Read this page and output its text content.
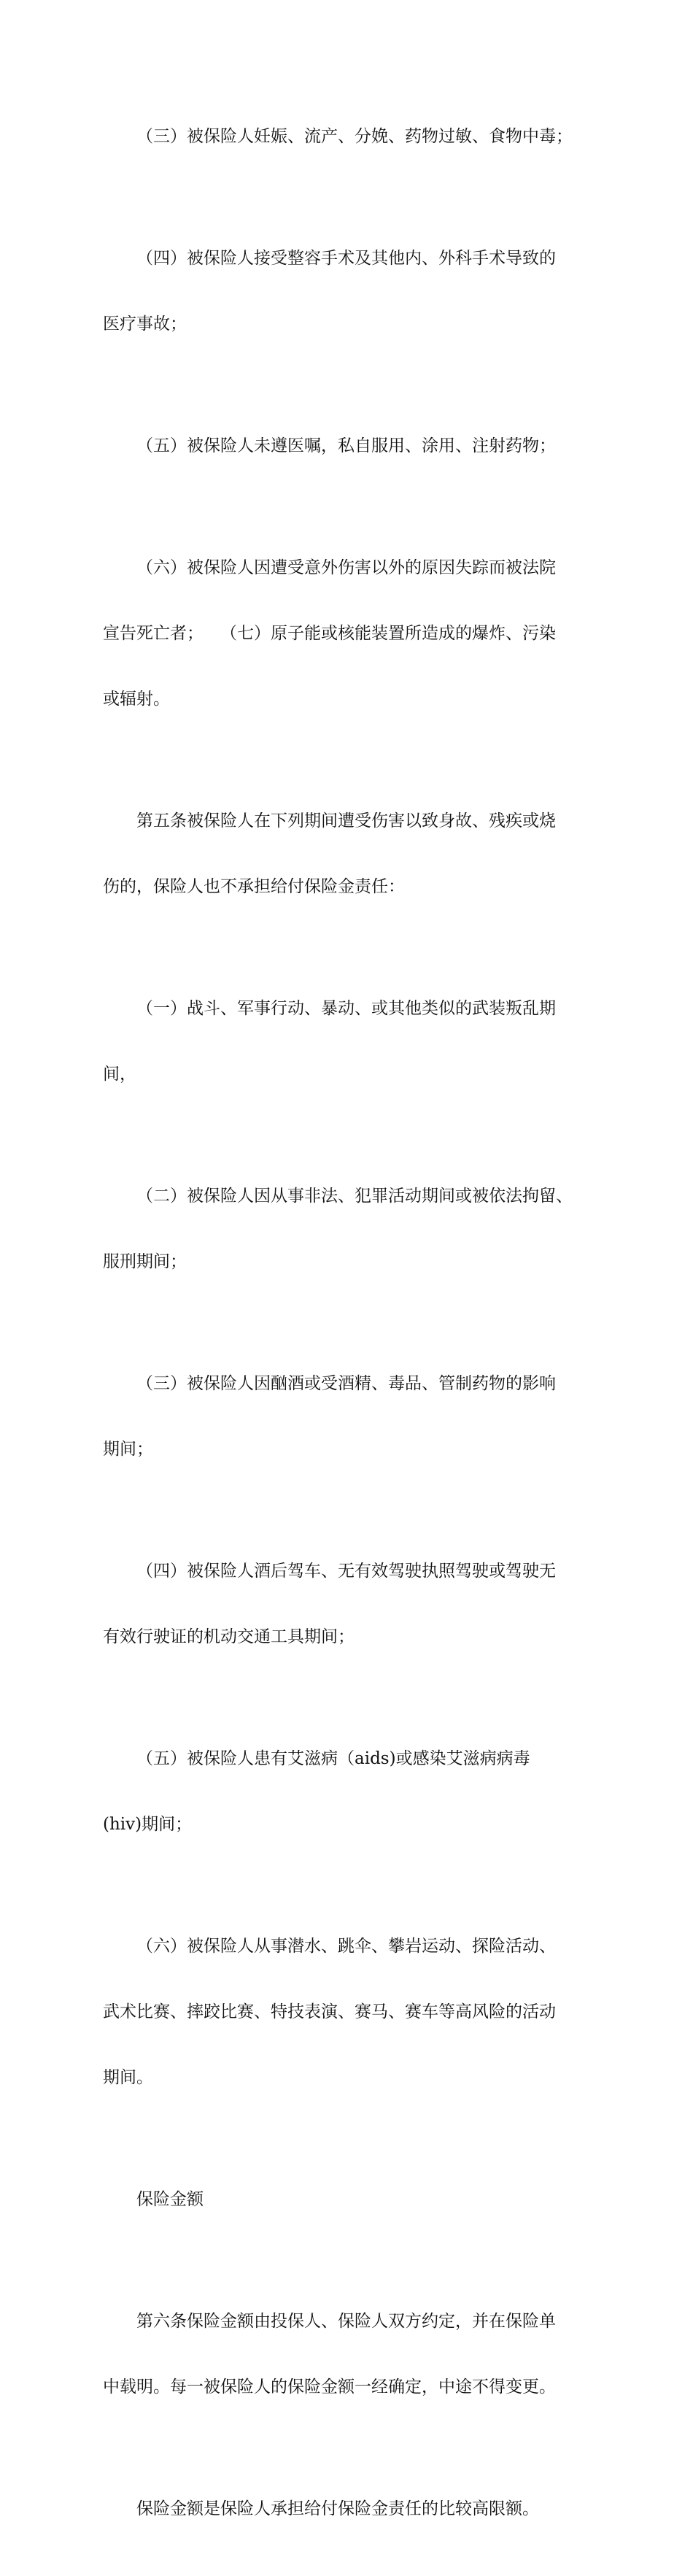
（三）被保险人妊娠、流产、分娩、药物过敏、食物中毒；

（四）被保险人接受整容手术及其他内、外科手术导致的

医疗事故；

（五）被保险人未遵医嘱，私自服用、涂用、注射药物；

（六）被保险人因遭受意外伤害以外的原因失踪而被法院

宣告死亡者；　　（七）原子能或核能装置所造成的爆炸、污染

或辐射。

第五条被保险人在下列期间遭受伤害以致身故、残疾或烧

伤的，保险人也不承担给付保险金责任：

（一）战斗、军事行动、暴动、或其他类似的武装叛乱期

间，

（二）被保险人因从事非法、犯罪活动期间或被依法拘留、

服刑期间；

（三）被保险人因酗酒或受酒精、毒品、管制药物的影响

期间；

（四）被保险人酒后驾车、无有效驾驶执照驾驶或驾驶无

有效行驶证的机动交通工具期间；

（五）被保险人患有艾滋病（aids)或感染艾滋病病毒

(hiv)期间；

（六）被保险人从事潜水、跳伞、攀岩运动、探险活动、

武术比赛、摔跤比赛、特技表演、赛马、赛车等高风险的活动

期间。

保险金额

第六条保险金额由投保人、保险人双方约定，并在保险单

中载明。每一被保险人的保险金额一经确定，中途不得变更。

保险金额是保险人承担给付保险金责任的比较高限额。
